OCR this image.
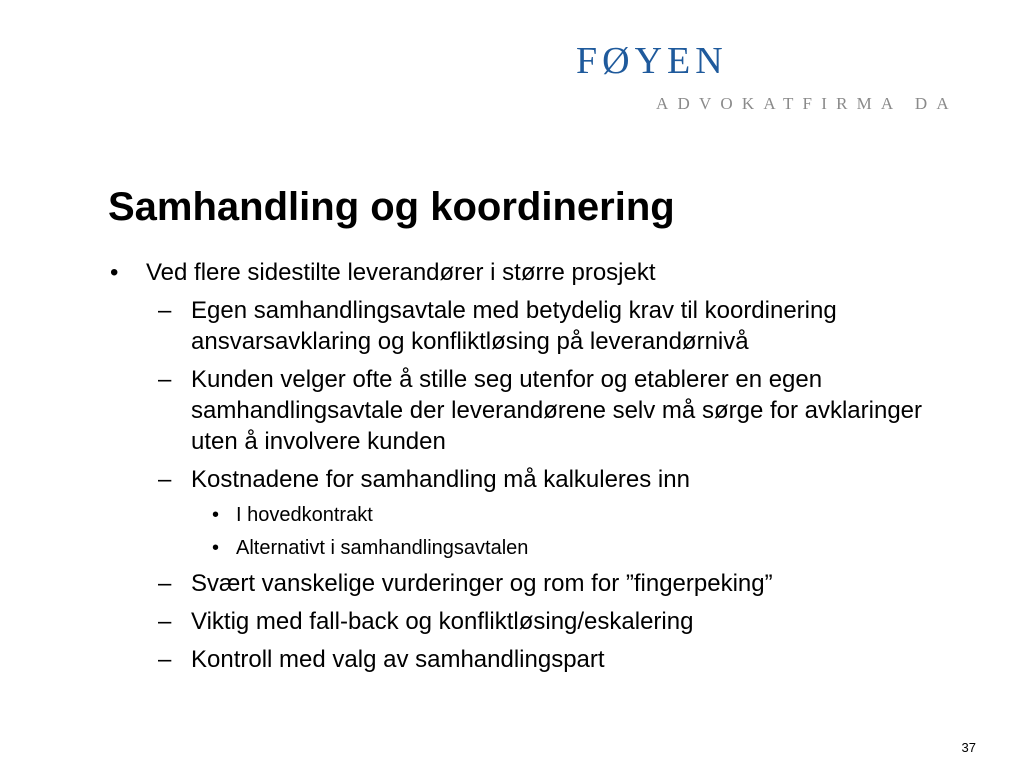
FØYEN
ADVOKATFIRMA DA
Samhandling og koordinering
• Ved flere sidestilte leverandører i større prosjekt
– Egen samhandlingsavtale med betydelig krav til koordinering ansvarsavklaring og konfliktløsing på leverandørnivå
– Kunden velger ofte å stille seg utenfor og etablerer en egen samhandlingsavtale der leverandørene selv må sørge for avklaringer uten å involvere kunden
– Kostnadene for samhandling må kalkuleres inn
• I hovedkontrakt
• Alternativt i samhandlingsavtalen
– Svært vanskelige vurderinger og rom for ”fingerpeking”
– Viktig med fall-back og konfliktløsing/eskalering
– Kontroll med valg av samhandlingspart
37
